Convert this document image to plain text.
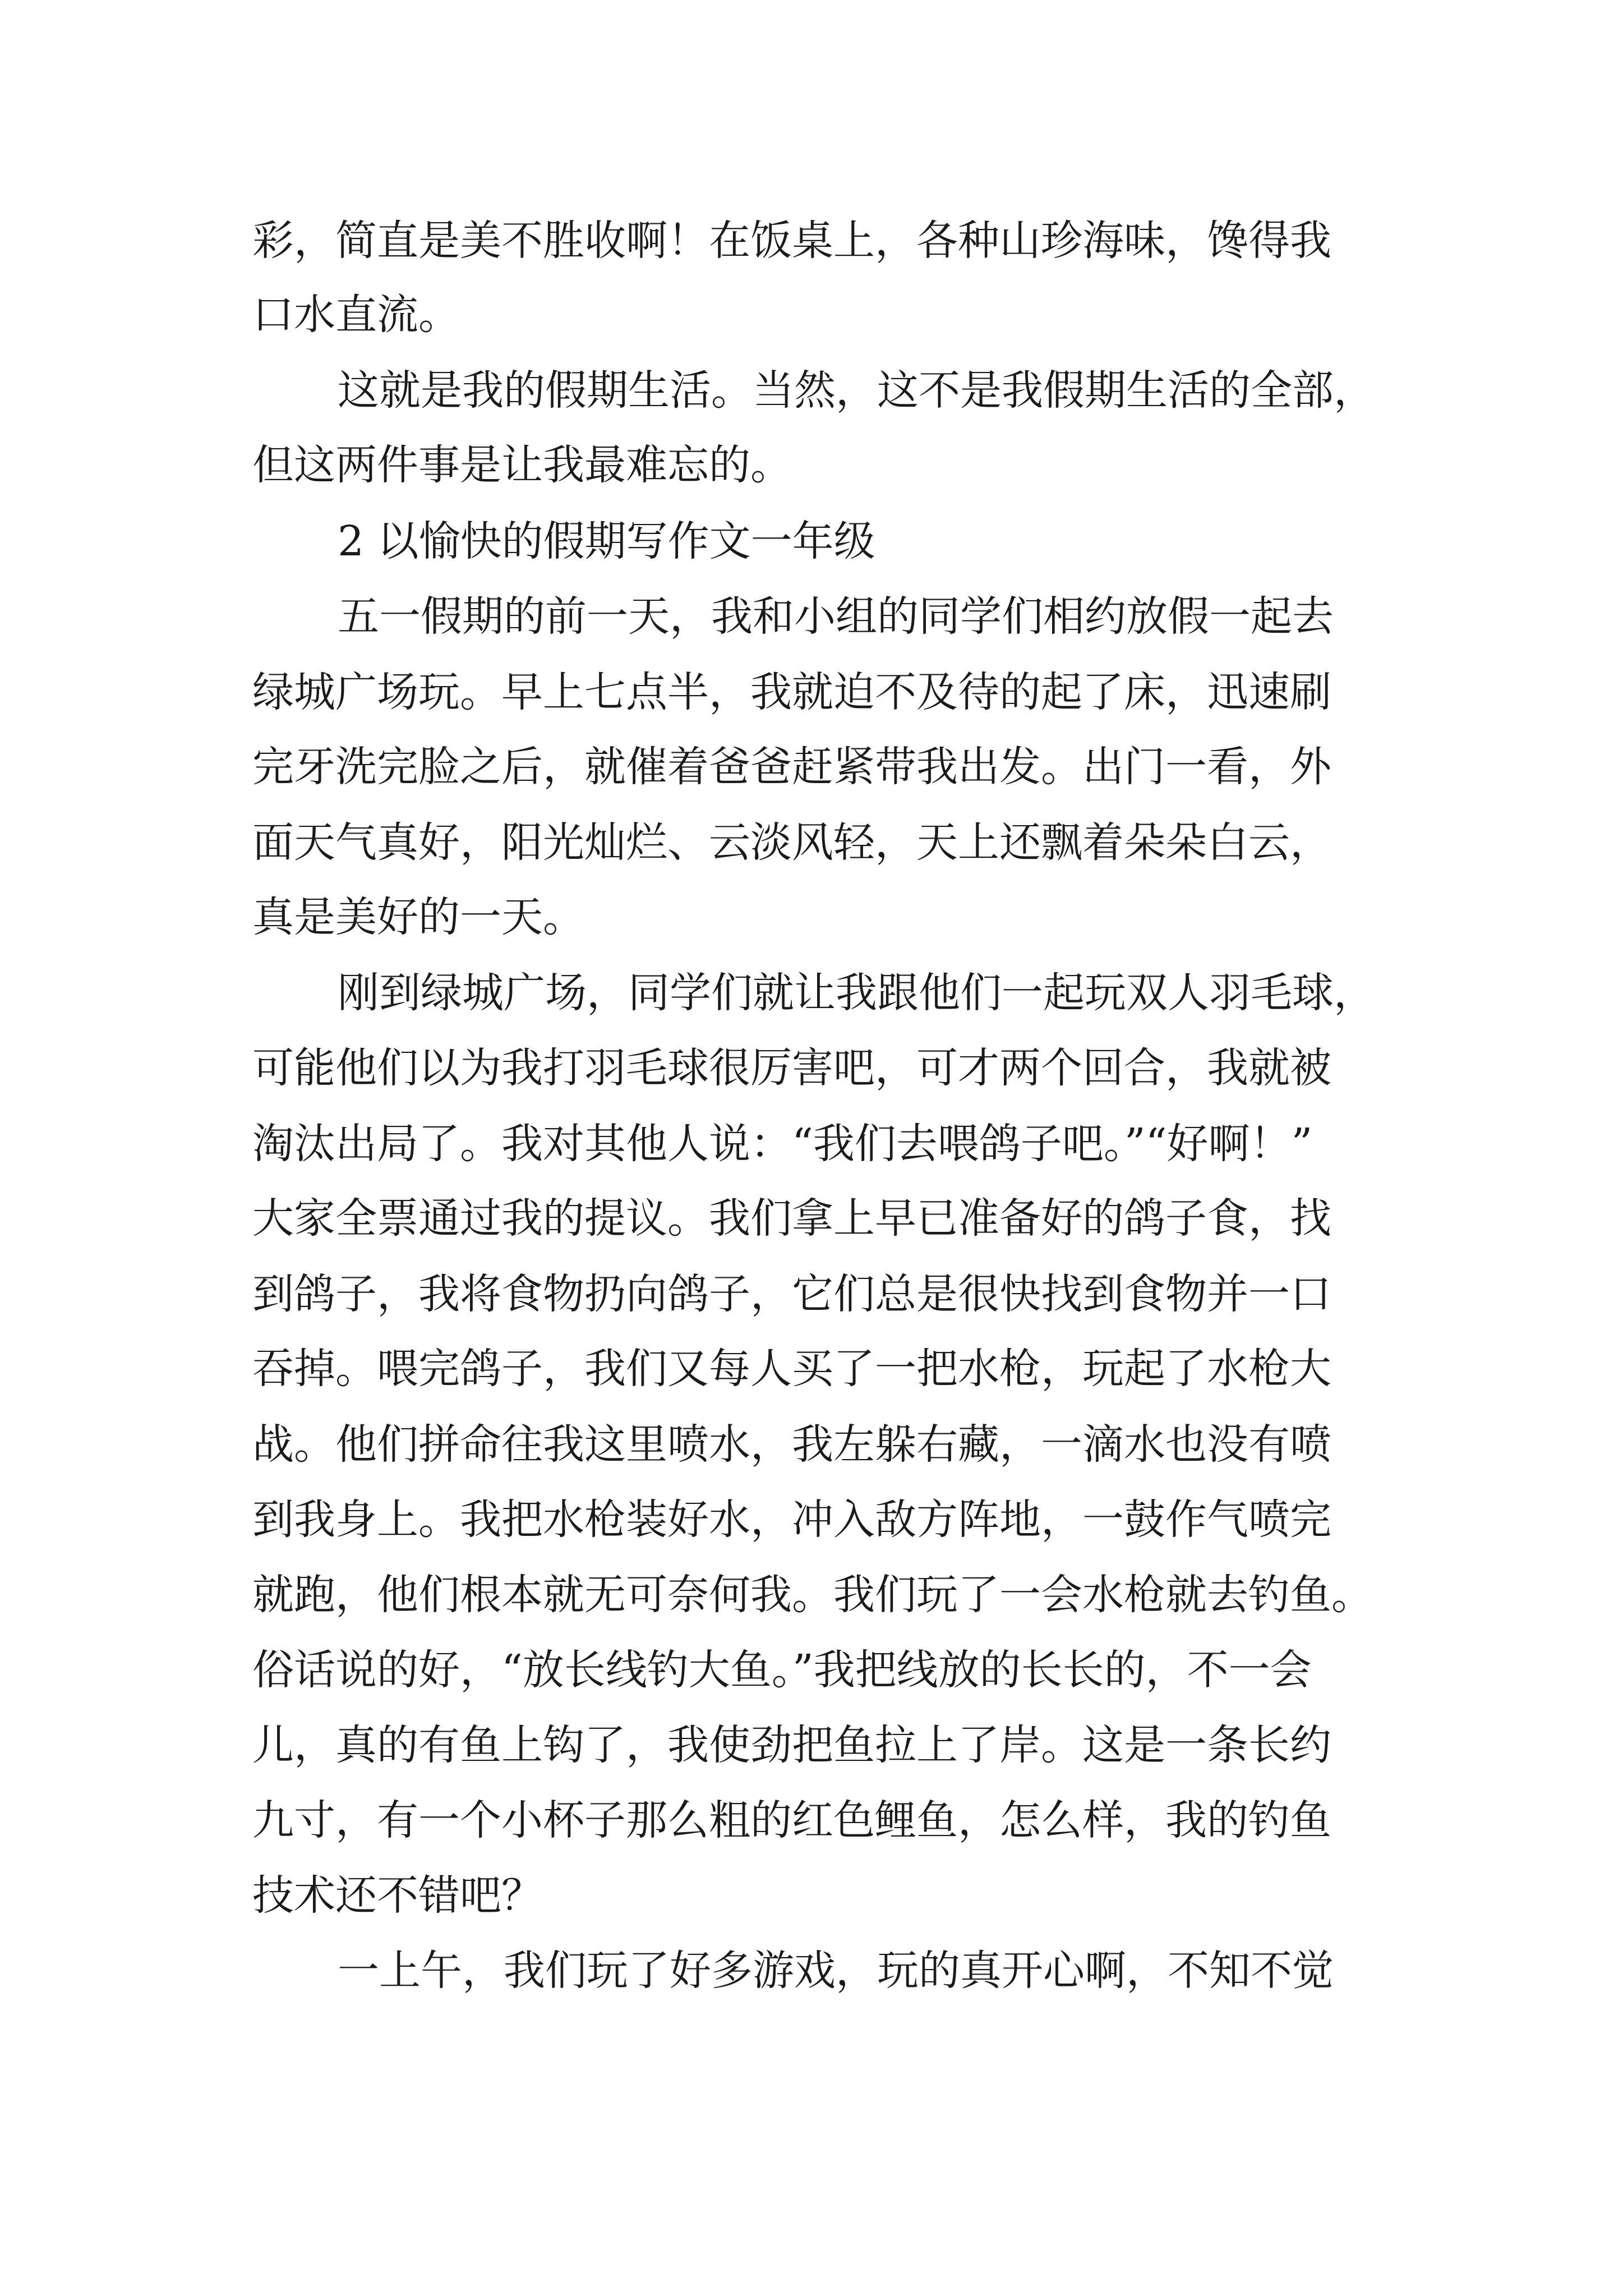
彩，简直是美不胜收啊！在饭桌上，各种山珍海味，馋得我
口水直流。
这就是我的假期生活。当然，这不是我假期生活的全部，
但这两件事是让我最难忘的。
2 以愉快的假期写作文一年级
五一假期的前一天，我和小组的同学们相约放假一起去
绿城广场玩。早上七点半，我就迫不及待的起了床，迅速刷
完牙洗完脸之后，就催着爸爸赶紧带我出发。出门一看，外
面天气真好，阳光灿烂、云淡风轻，天上还飘着朵朵白云，
真是美好的一天。
刚到绿城广场，同学们就让我跟他们一起玩双人羽毛球，
可能他们以为我打羽毛球很厉害吧，可才两个回合，我就被
淘汰出局了。我对其他人说：“我们去喂鸽子吧。”“好啊！”
大家全票通过我的提议。我们拿上早已准备好的鸽子食，找
到鸽子，我将食物扔向鸽子，它们总是很快找到食物并一口
吞掉。喂完鸽子，我们又每人买了一把水枪，玩起了水枪大
战。他们拼命往我这里喷水，我左躲右藏，一滴水也没有喷
到我身上。我把水枪装好水，冲入敌方阵地，一鼓作气喷完
就跑，他们根本就无可奈何我。我们玩了一会水枪就去钓鱼。
俗话说的好，“放长线钓大鱼。”我把线放的长长的，不一会
儿，真的有鱼上钩了，我使劲把鱼拉上了岸。这是一条长约
九寸，有一个小杯子那么粗的红色鲤鱼，怎么样，我的钓鱼
技术还不错吧？
一上午，我们玩了好多游戏，玩的真开心啊，不知不觉
